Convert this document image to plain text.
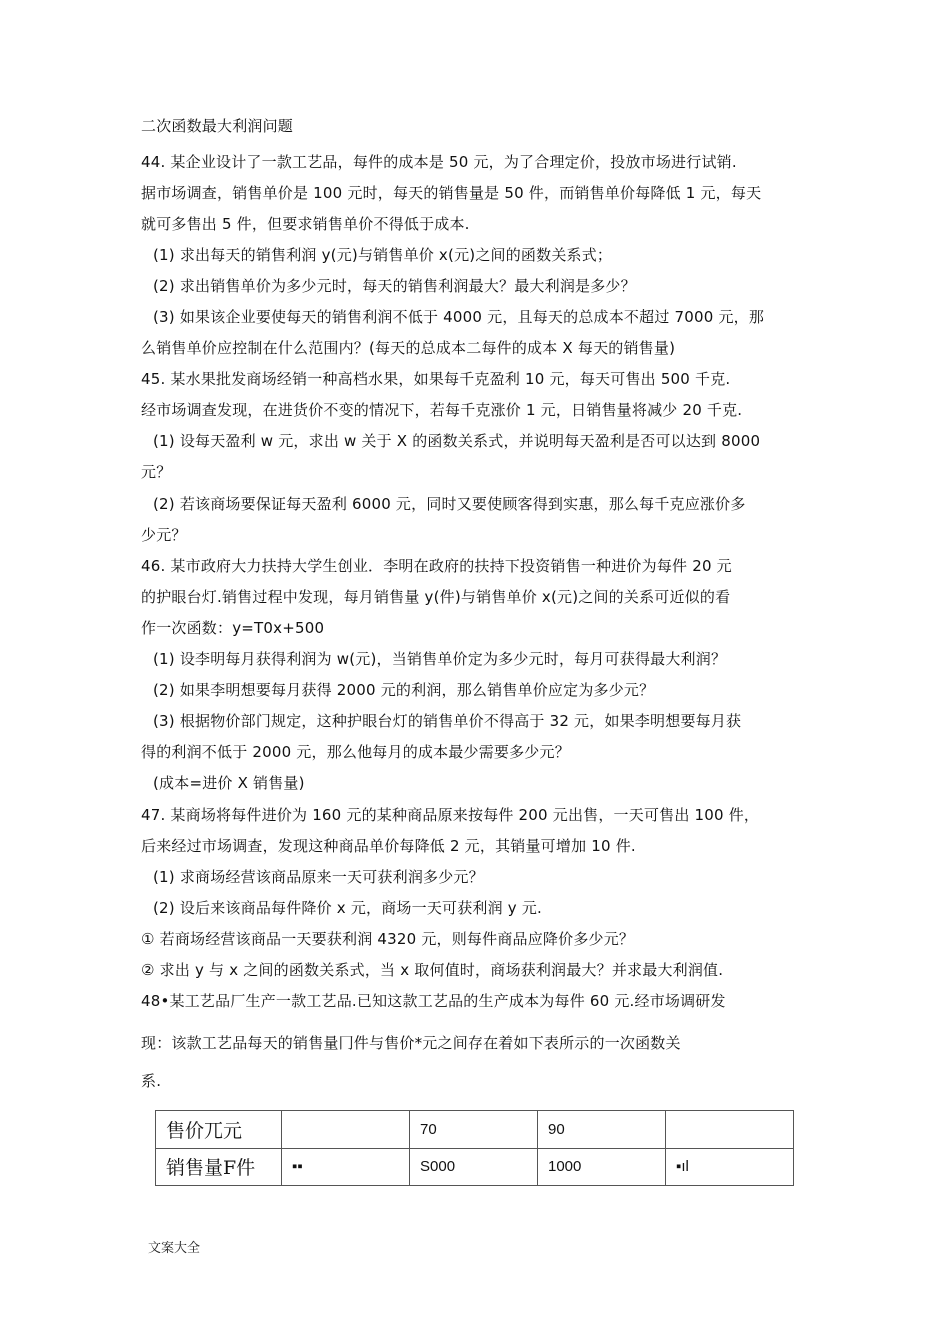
二次函数最大利润问题
44. 某企业设计了一款工艺品，每件的成本是 50 元，为了合理定价，投放市场进行试销.
据市场调查，销售单价是 100 元时，每天的销售量是 50 件，而销售单价每降低 1 元，每天
就可多售出 5 件，但要求销售单价不得低于成本.
(1) 求出每天的销售利润 y(元)与销售单价 x(元)之间的函数关系式；
(2) 求出销售单价为多少元时，每天的销售利润最大？最大利润是多少？
(3) 如果该企业要使每天的销售利润不低于 4000 元，且每天的总成本不超过 7000 元，那
么销售单价应控制在什么范围内？(每天的总成本二每件的成本 X 每天的销售量)
45. 某水果批发商场经销一种高档水果，如果每千克盈利 10 元，每天可售出 500 千克.
经市场调查发现，在进货价不变的情况下，若每千克涨价 1 元，日销售量将减少 20 千克.
(1) 设每天盈利 w 元，求出 w 关于 X 的函数关系式，并说明每天盈利是否可以达到 8000
元？
(2) 若该商场要保证每天盈利 6000 元，同时又要使顾客得到实惠，那么每千克应涨价多
少元？
46. 某市政府大力扶持大学生创业．李明在政府的扶持下投资销售一种进价为每件 20 元
的护眼台灯.销售过程中发现，每月销售量 y(件)与销售单价 x(元)之间的关系可近似的看
作一次函数：y=T0x+500
(1) 设李明每月获得利润为 w(元)，当销售单价定为多少元时，每月可获得最大利润？
(2) 如果李明想要每月获得 2000 元的利润，那么销售单价应定为多少元？
(3) 根据物价部门规定，这种护眼台灯的销售单价不得高于 32 元，如果李明想要每月获
得的利润不低于 2000 元，那么他每月的成本最少需要多少元？
(成本=进价 X 销售量)
47. 某商场将每件进价为 160 元的某种商品原来按每件 200 元出售，一天可售出 100 件，
后来经过市场调查，发现这种商品单价每降低 2 元，其销量可增加 10 件.
(1) 求商场经营该商品原来一天可获利润多少元？
(2) 设后来该商品每件降价 x 元，商场一天可获利润 y 元.
① 若商场经营该商品一天要获利润 4320 元，则每件商品应降价多少元？
② 求出 y 与 x 之间的函数关系式，当 x 取何值时，商场获利润最大？并求最大利润值.
48•某工艺品厂生产一款工艺品.已知这款工艺品的生产成本为每件 60 元.经市场调研发
现：该款工艺品每天的销售量冂件与售价*元之间存在着如下表所示的一次函数关
系.
售价兀元		70	90	
销售量F件	▪▪	S000	1000	▪ıl
文案大全
